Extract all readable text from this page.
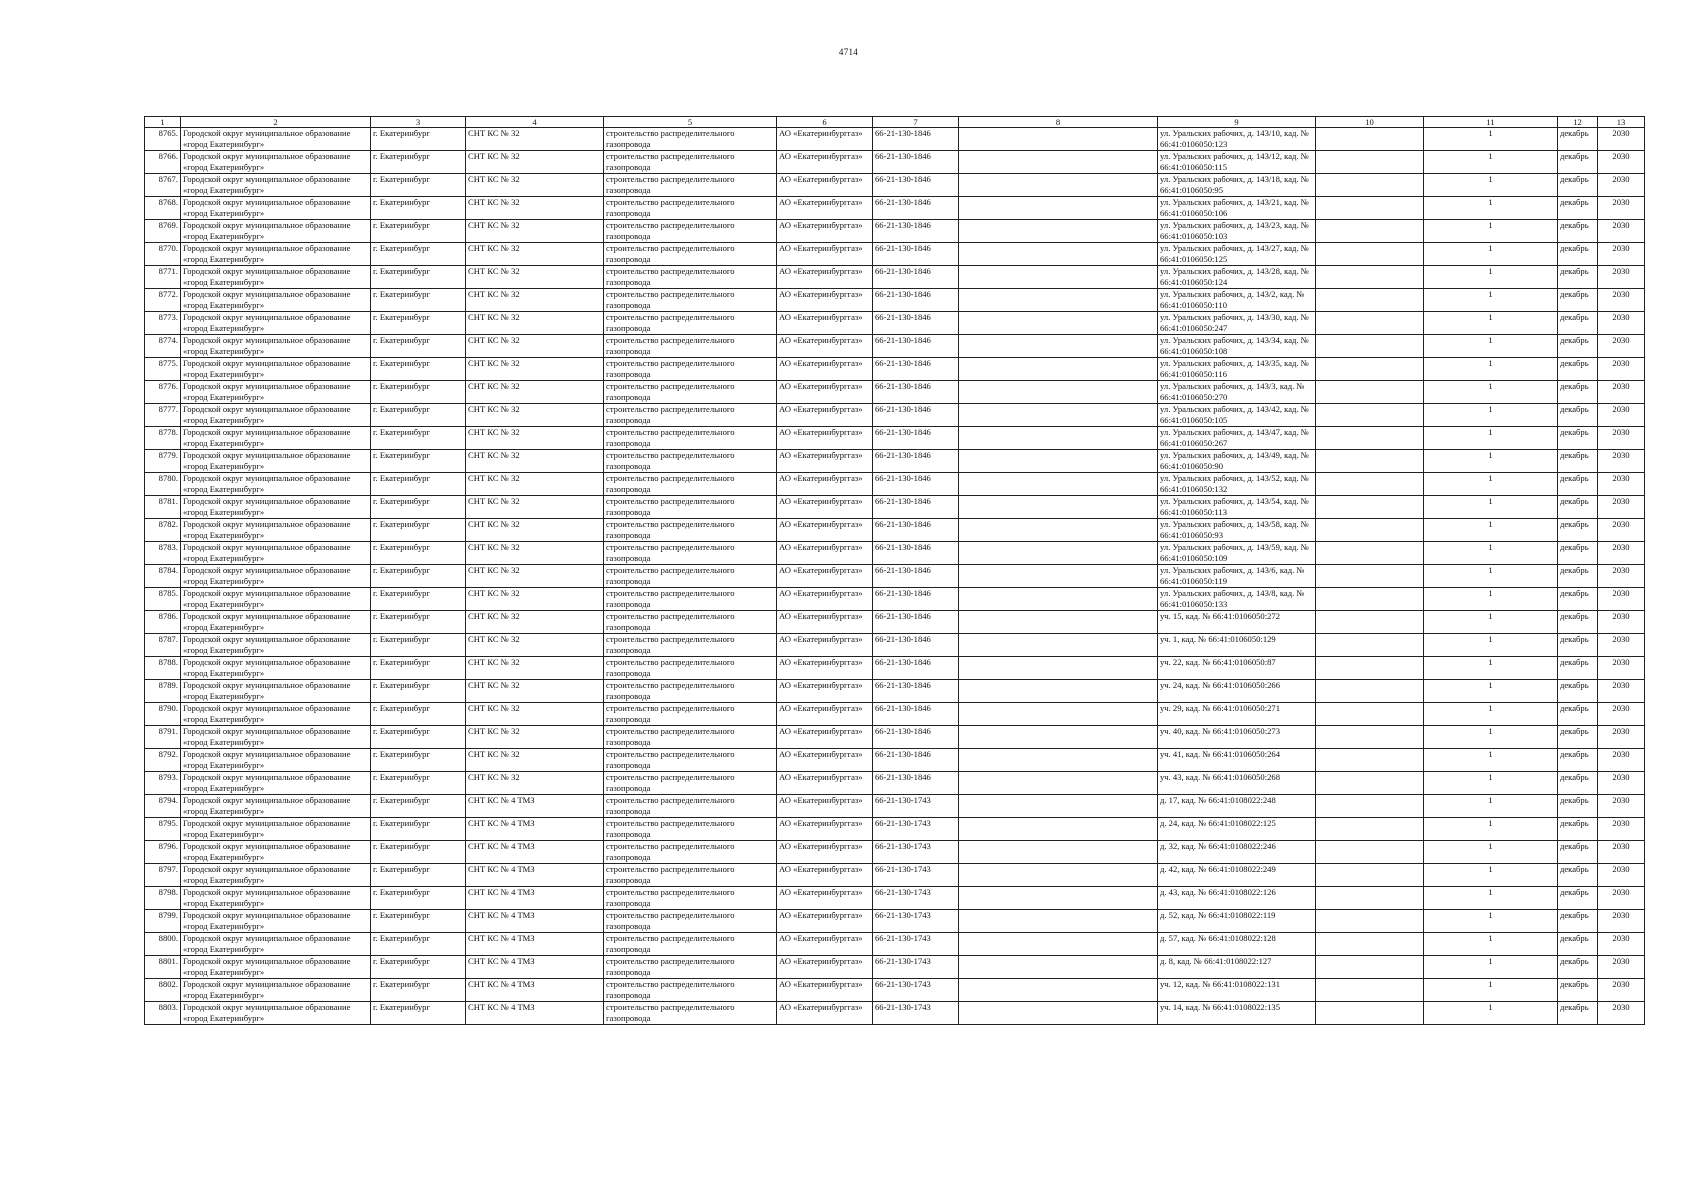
4714
1	2	3	4	5	6	7	8	9	10	11	12	13
8765.	Городской округ муниципальное образование «город Екатеринбург»	г. Екатеринбург	СНТ КС № 32	строительство распределительного газопровода	АО «Екатеринбурггаз»	66-21-130-1846		ул. Уральских рабочих, д. 143/10, кад. № 66:41:0106050:123		1	декабрь	2030
8766.	Городской округ муниципальное образование «город Екатеринбург»	г. Екатеринбург	СНТ КС № 32	строительство распределительного газопровода	АО «Екатеринбурггаз»	66-21-130-1846		ул. Уральских рабочих, д. 143/12, кад. № 66:41:0106050:115		1	декабрь	2030
8767.	Городской округ муниципальное образование «город Екатеринбург»	г. Екатеринбург	СНТ КС № 32	строительство распределительного газопровода	АО «Екатеринбурггаз»	66-21-130-1846		ул. Уральских рабочих, д. 143/18, кад. № 66:41:0106050:95		1	декабрь	2030
8768.	Городской округ муниципальное образование «город Екатеринбург»	г. Екатеринбург	СНТ КС № 32	строительство распределительного газопровода	АО «Екатеринбурггаз»	66-21-130-1846		ул. Уральских рабочих, д. 143/21, кад. № 66:41:0106050:106		1	декабрь	2030
8769.	Городской округ муниципальное образование «город Екатеринбург»	г. Екатеринбург	СНТ КС № 32	строительство распределительного газопровода	АО «Екатеринбурггаз»	66-21-130-1846		ул. Уральских рабочих, д. 143/23, кад. № 66:41:0106050:103		1	декабрь	2030
8770.	Городской округ муниципальное образование «город Екатеринбург»	г. Екатеринбург	СНТ КС № 32	строительство распределительного газопровода	АО «Екатеринбурггаз»	66-21-130-1846		ул. Уральских рабочих, д. 143/27, кад. № 66:41:0106050:125		1	декабрь	2030
8771.	Городской округ муниципальное образование «город Екатеринбург»	г. Екатеринбург	СНТ КС № 32	строительство распределительного газопровода	АО «Екатеринбурггаз»	66-21-130-1846		ул. Уральских рабочих, д. 143/28, кад. № 66:41:0106050:124		1	декабрь	2030
8772.	Городской округ муниципальное образование «город Екатеринбург»	г. Екатеринбург	СНТ КС № 32	строительство распределительного газопровода	АО «Екатеринбурггаз»	66-21-130-1846		ул. Уральских рабочих, д. 143/2, кад. № 66:41:0106050:110		1	декабрь	2030
8773.	Городской округ муниципальное образование «город Екатеринбург»	г. Екатеринбург	СНТ КС № 32	строительство распределительного газопровода	АО «Екатеринбурггаз»	66-21-130-1846		ул. Уральских рабочих, д. 143/30, кад. № 66:41:0106050:247		1	декабрь	2030
8774.	Городской округ муниципальное образование «город Екатеринбург»	г. Екатеринбург	СНТ КС № 32	строительство распределительного газопровода	АО «Екатеринбурггаз»	66-21-130-1846		ул. Уральских рабочих, д. 143/34, кад. № 66:41:0106050:108		1	декабрь	2030
8775.	Городской округ муниципальное образование «город Екатеринбург»	г. Екатеринбург	СНТ КС № 32	строительство распределительного газопровода	АО «Екатеринбурггаз»	66-21-130-1846		ул. Уральских рабочих, д. 143/35, кад. № 66:41:0106050:116		1	декабрь	2030
8776.	Городской округ муниципальное образование «город Екатеринбург»	г. Екатеринбург	СНТ КС № 32	строительство распределительного газопровода	АО «Екатеринбурггаз»	66-21-130-1846		ул. Уральских рабочих, д. 143/3, кад. № 66:41:0106050:270		1	декабрь	2030
8777.	Городской округ муниципальное образование «город Екатеринбург»	г. Екатеринбург	СНТ КС № 32	строительство распределительного газопровода	АО «Екатеринбурггаз»	66-21-130-1846		ул. Уральских рабочих, д. 143/42, кад. № 66:41:0106050:105		1	декабрь	2030
8778.	Городской округ муниципальное образование «город Екатеринбург»	г. Екатеринбург	СНТ КС № 32	строительство распределительного газопровода	АО «Екатеринбурггаз»	66-21-130-1846		ул. Уральских рабочих, д. 143/47, кад. № 66:41:0106050:267		1	декабрь	2030
8779.	Городской округ муниципальное образование «город Екатеринбург»	г. Екатеринбург	СНТ КС № 32	строительство распределительного газопровода	АО «Екатеринбурггаз»	66-21-130-1846		ул. Уральских рабочих, д. 143/49, кад. № 66:41:0106050:90		1	декабрь	2030
8780.	Городской округ муниципальное образование «город Екатеринбург»	г. Екатеринбург	СНТ КС № 32	строительство распределительного газопровода	АО «Екатеринбурггаз»	66-21-130-1846		ул. Уральских рабочих, д. 143/52, кад. № 66:41:0106050:132		1	декабрь	2030
8781.	Городской округ муниципальное образование «город Екатеринбург»	г. Екатеринбург	СНТ КС № 32	строительство распределительного газопровода	АО «Екатеринбурггаз»	66-21-130-1846		ул. Уральских рабочих, д. 143/54, кад. № 66:41:0106050:113		1	декабрь	2030
8782.	Городской округ муниципальное образование «город Екатеринбург»	г. Екатеринбург	СНТ КС № 32	строительство распределительного газопровода	АО «Екатеринбурггаз»	66-21-130-1846		ул. Уральских рабочих, д. 143/58, кад. № 66:41:0106050:93		1	декабрь	2030
8783.	Городской округ муниципальное образование «город Екатеринбург»	г. Екатеринбург	СНТ КС № 32	строительство распределительного газопровода	АО «Екатеринбурггаз»	66-21-130-1846		ул. Уральских рабочих, д. 143/59, кад. № 66:41:0106050:109		1	декабрь	2030
8784.	Городской округ муниципальное образование «город Екатеринбург»	г. Екатеринбург	СНТ КС № 32	строительство распределительного газопровода	АО «Екатеринбурггаз»	66-21-130-1846		ул. Уральских рабочих, д. 143/6, кад. № 66:41:0106050:119		1	декабрь	2030
8785.	Городской округ муниципальное образование «город Екатеринбург»	г. Екатеринбург	СНТ КС № 32	строительство распределительного газопровода	АО «Екатеринбурггаз»	66-21-130-1846		ул. Уральских рабочих, д. 143/8, кад. № 66:41:0106050:133		1	декабрь	2030
8786.	Городской округ муниципальное образование «город Екатеринбург»	г. Екатеринбург	СНТ КС № 32	строительство распределительного газопровода	АО «Екатеринбурггаз»	66-21-130-1846		уч. 15, кад. № 66:41:0106050:272		1	декабрь	2030
8787.	Городской округ муниципальное образование «город Екатеринбург»	г. Екатеринбург	СНТ КС № 32	строительство распределительного газопровода	АО «Екатеринбурггаз»	66-21-130-1846		уч. 1, кад. № 66:41:0106050:129		1	декабрь	2030
8788.	Городской округ муниципальное образование «город Екатеринбург»	г. Екатеринбург	СНТ КС № 32	строительство распределительного газопровода	АО «Екатеринбурггаз»	66-21-130-1846		уч. 22, кад. № 66:41:0106050:87		1	декабрь	2030
8789.	Городской округ муниципальное образование «город Екатеринбург»	г. Екатеринбург	СНТ КС № 32	строительство распределительного газопровода	АО «Екатеринбурггаз»	66-21-130-1846		уч. 24, кад. № 66:41:0106050:266		1	декабрь	2030
8790.	Городской округ муниципальное образование «город Екатеринбург»	г. Екатеринбург	СНТ КС № 32	строительство распределительного газопровода	АО «Екатеринбурггаз»	66-21-130-1846		уч. 29, кад. № 66:41:0106050:271		1	декабрь	2030
8791.	Городской округ муниципальное образование «город Екатеринбург»	г. Екатеринбург	СНТ КС № 32	строительство распределительного газопровода	АО «Екатеринбурггаз»	66-21-130-1846		уч. 40, кад. № 66:41:0106050:273		1	декабрь	2030
8792.	Городской округ муниципальное образование «город Екатеринбург»	г. Екатеринбург	СНТ КС № 32	строительство распределительного газопровода	АО «Екатеринбурггаз»	66-21-130-1846		уч. 41, кад. № 66:41:0106050:264		1	декабрь	2030
8793.	Городской округ муниципальное образование «город Екатеринбург»	г. Екатеринбург	СНТ КС № 32	строительство распределительного газопровода	АО «Екатеринбурггаз»	66-21-130-1846		уч. 43, кад. № 66:41:0106050:268		1	декабрь	2030
8794.	Городской округ муниципальное образование «город Екатеринбург»	г. Екатеринбург	СНТ КС № 4 ТМЗ	строительство распределительного газопровода	АО «Екатеринбурггаз»	66-21-130-1743		д. 17, кад. № 66:41:0108022:248		1	декабрь	2030
8795.	Городской округ муниципальное образование «город Екатеринбург»	г. Екатеринбург	СНТ КС № 4 ТМЗ	строительство распределительного газопровода	АО «Екатеринбурггаз»	66-21-130-1743		д. 24, кад. № 66:41:0108022:125		1	декабрь	2030
8796.	Городской округ муниципальное образование «город Екатеринбург»	г. Екатеринбург	СНТ КС № 4 ТМЗ	строительство распределительного газопровода	АО «Екатеринбурггаз»	66-21-130-1743		д. 32, кад. № 66:41:0108022:246		1	декабрь	2030
8797.	Городской округ муниципальное образование «город Екатеринбург»	г. Екатеринбург	СНТ КС № 4 ТМЗ	строительство распределительного газопровода	АО «Екатеринбурггаз»	66-21-130-1743		д. 42, кад. № 66:41:0108022:249		1	декабрь	2030
8798.	Городской округ муниципальное образование «город Екатеринбург»	г. Екатеринбург	СНТ КС № 4 ТМЗ	строительство распределительного газопровода	АО «Екатеринбурггаз»	66-21-130-1743		д. 43, кад. № 66:41:0108022:126		1	декабрь	2030
8799.	Городской округ муниципальное образование «город Екатеринбург»	г. Екатеринбург	СНТ КС № 4 ТМЗ	строительство распределительного газопровода	АО «Екатеринбурггаз»	66-21-130-1743		д. 52, кад. № 66:41:0108022:119		1	декабрь	2030
8800.	Городской округ муниципальное образование «город Екатеринбург»	г. Екатеринбург	СНТ КС № 4 ТМЗ	строительство распределительного газопровода	АО «Екатеринбурггаз»	66-21-130-1743		д. 57, кад. № 66:41:0108022:128		1	декабрь	2030
8801.	Городской округ муниципальное образование «город Екатеринбург»	г. Екатеринбург	СНТ КС № 4 ТМЗ	строительство распределительного газопровода	АО «Екатеринбурггаз»	66-21-130-1743		д. 8, кад. № 66:41:0108022:127		1	декабрь	2030
8802.	Городской округ муниципальное образование «город Екатеринбург»	г. Екатеринбург	СНТ КС № 4 ТМЗ	строительство распределительного газопровода	АО «Екатеринбурггаз»	66-21-130-1743		уч. 12, кад. № 66:41:0108022:131		1	декабрь	2030
8803.	Городской округ муниципальное образование «город Екатеринбург»	г. Екатеринбург	СНТ КС № 4 ТМЗ	строительство распределительного газопровода	АО «Екатеринбурггаз»	66-21-130-1743		уч. 14, кад. № 66:41:0108022:135		1	декабрь	2030
